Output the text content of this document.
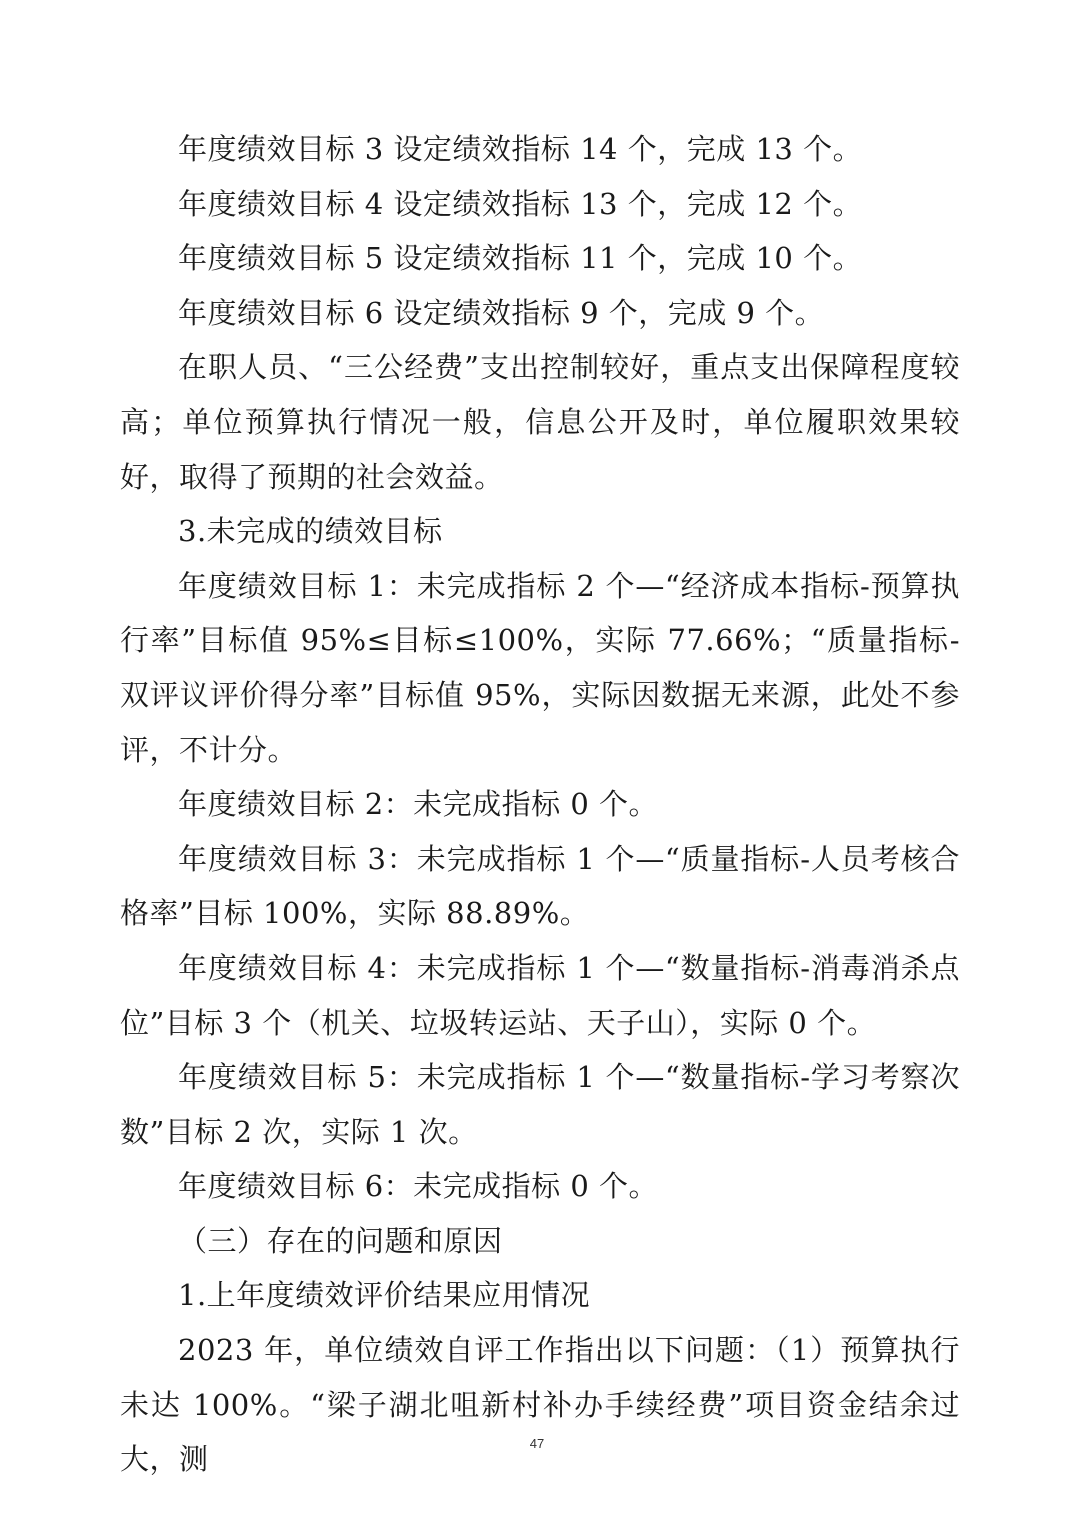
年度绩效目标 3 设定绩效指标 14 个，完成 13 个。

年度绩效目标 4 设定绩效指标 13 个，完成 12 个。

年度绩效目标 5 设定绩效指标 11 个，完成 10 个。

年度绩效目标 6 设定绩效指标 9 个，完成 9 个。

在职人员、“三公经费”支出控制较好，重点支出保障程度较高；单位预算执行情况一般，信息公开及时，单位履职效果较好，取得了预期的社会效益。

3.未完成的绩效目标

年度绩效目标 1：未完成指标 2 个—“经济成本指标-预算执行率”目标值 95%≤目标≤100%，实际 77.66%；“质量指标-双评议评价得分率”目标值 95%，实际因数据无来源，此处不参评，不计分。

年度绩效目标 2：未完成指标 0 个。

年度绩效目标 3：未完成指标 1 个—“质量指标-人员考核合格率”目标 100%，实际 88.89%。

年度绩效目标 4：未完成指标 1 个—“数量指标-消毒消杀点位”目标 3 个（机关、垃圾转运站、天子山），实际 0 个。

年度绩效目标 5：未完成指标 1 个—“数量指标-学习考察次数”目标 2 次，实际 1 次。

年度绩效目标 6：未完成指标 0 个。

（三）存在的问题和原因

1.上年度绩效评价结果应用情况

2023 年，单位绩效自评工作指出以下问题：（1）预算执行未达 100%。“梁子湖北咀新村补办手续经费”项目资金结余过大，测	47
